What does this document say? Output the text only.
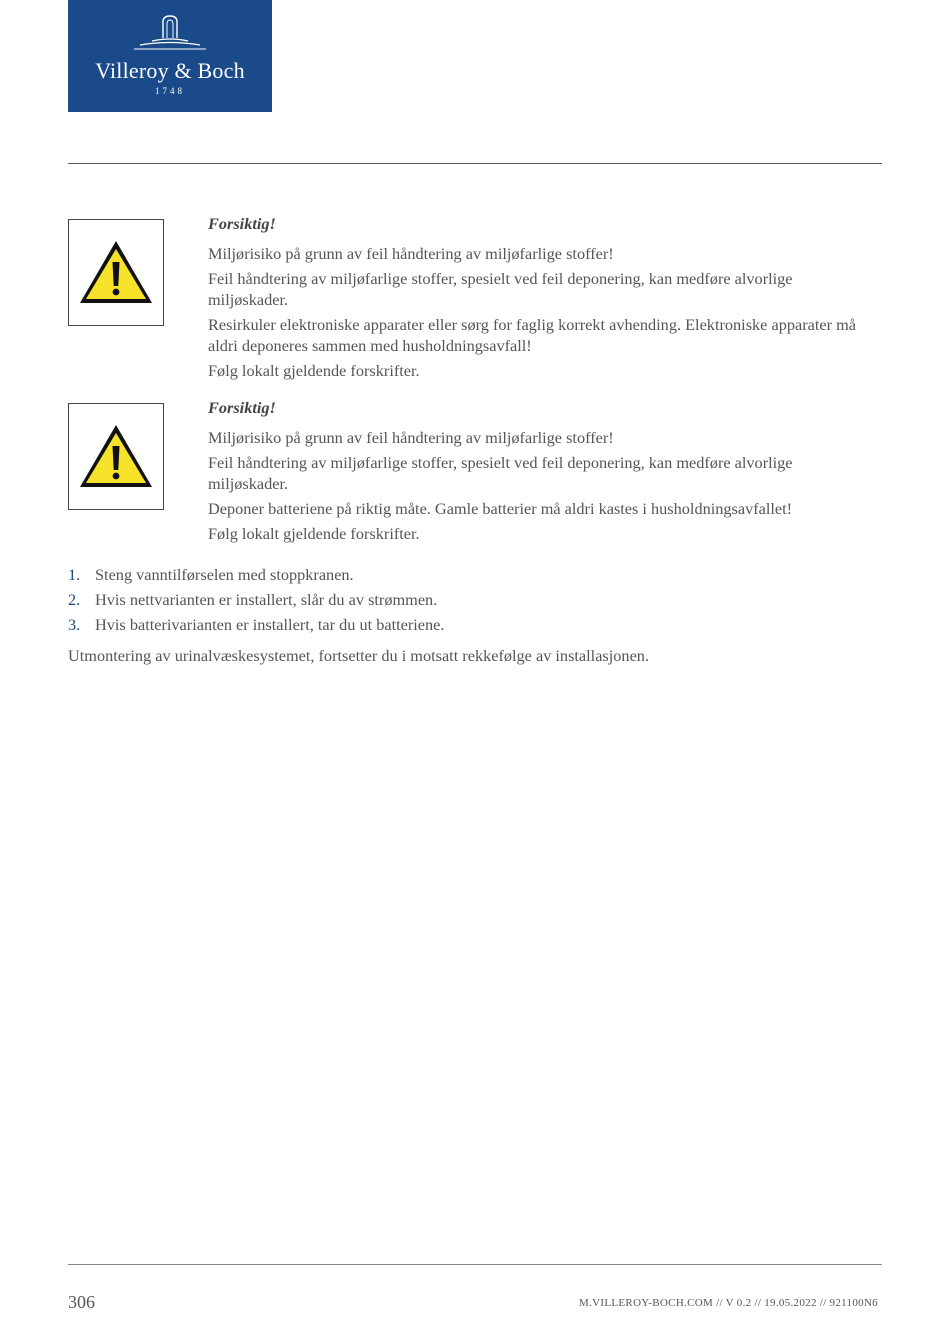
Villeroy & Boch
1748
Forsiktig!

Miljørisiko på grunn av feil håndtering av miljøfarlige stoffer!

Feil håndtering av miljøfarlige stoffer, spesielt ved feil deponering, kan medføre alvorlige miljøskader.

Resirkuler elektroniske apparater eller sørg for faglig korrekt avhending. Elektroniske apparater må aldri deponeres sammen med husholdningsavfall!

Følg lokalt gjeldende forskrifter.

Forsiktig!

Miljørisiko på grunn av feil håndtering av miljøfarlige stoffer!

Feil håndtering av miljøfarlige stoffer, spesielt ved feil deponering, kan medføre alvorlige miljøskader.

Deponer batteriene på riktig måte. Gamle batterier må aldri kastes i husholdningsavfallet!

Følg lokalt gjeldende forskrifter.

1. Steng vanntilførselen med stoppkranen.
2. Hvis nettvarianten er installert, slår du av strømmen.
3. Hvis batterivarianten er installert, tar du ut batteriene.

Utmontering av urinalvæskesystemet, fortsetter du i motsatt rekkefølge av installasjonen.

306	M.VILLEROY-BOCH.COM // V 0.2 // 19.05.2022 // 921100N6
